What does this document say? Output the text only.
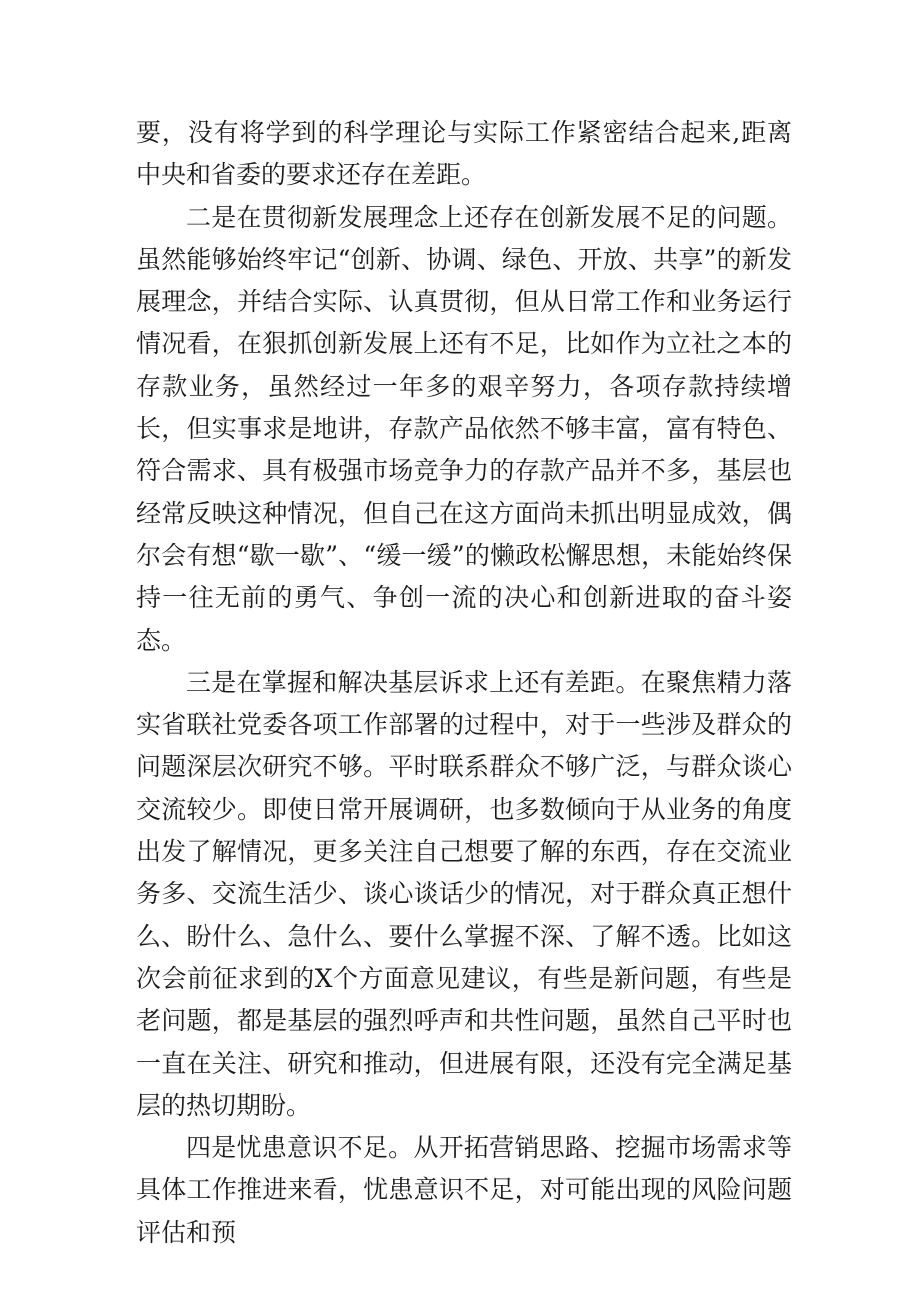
要，没有将学到的科学理论与实际工作紧密结合起来,距离中央和省委的要求还存在差距。

二是在贯彻新发展理念上还存在创新发展不足的问题。虽然能够始终牢记“创新、协调、绿色、开放、共享”的新发展理念，并结合实际、认真贯彻，但从日常工作和业务运行情况看，在狠抓创新发展上还有不足，比如作为立社之本的存款业务，虽然经过一年多的艰辛努力，各项存款持续增长，但实事求是地讲，存款产品依然不够丰富，富有特色、符合需求、具有极强市场竞争力的存款产品并不多，基层也经常反映这种情况，但自己在这方面尚未抓出明显成效，偶尔会有想“歇一歇”、“缓一缓”的懒政松懈思想，未能始终保持一往无前的勇气、争创一流的决心和创新进取的奋斗姿态。

三是在掌握和解决基层诉求上还有差距。在聚焦精力落实省联社党委各项工作部署的过程中，对于一些涉及群众的问题深层次研究不够。平时联系群众不够广泛，与群众谈心交流较少。即使日常开展调研，也多数倾向于从业务的角度出发了解情况，更多关注自己想要了解的东西，存在交流业务多、交流生活少、谈心谈话少的情况，对于群众真正想什么、盼什么、急什么、要什么掌握不深、了解不透。比如这次会前征求到的X个方面意见建议，有些是新问题，有些是老问题，都是基层的强烈呼声和共性问题，虽然自己平时也一直在关注、研究和推动，但进展有限，还没有完全满足基层的热切期盼。

四是忧患意识不足。从开拓营销思路、挖掘市场需求等具体工作推进来看，忧患意识不足，对可能出现的风险问题评估和预
